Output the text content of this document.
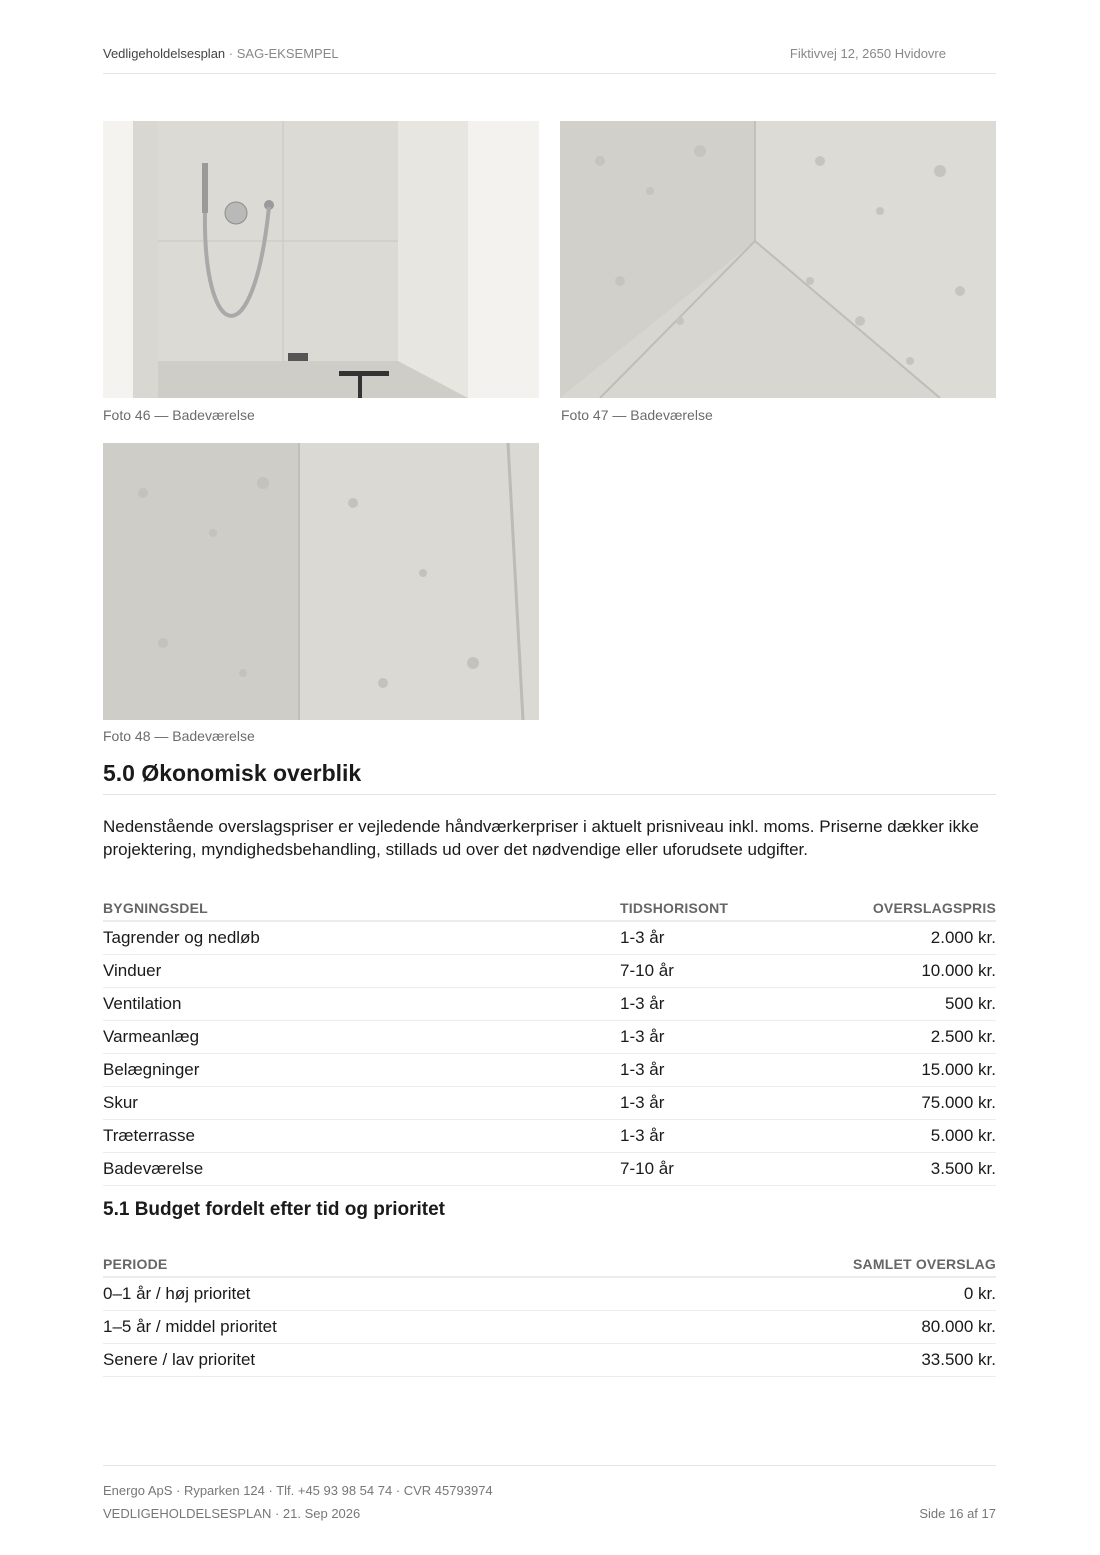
Vedligeholdelsesplan · SAG-EKSEMPEL	Fiktivvej 12, 2650 Hvidovre
Foto 46 — Badeværelse	Foto 47 — Badeværelse
Foto 48 — Badeværelse
5.0 Økonomisk overblik
Nedenstående overslagspriser er vejledende håndværkerpriser i aktuelt prisniveau inkl. moms. Priserne dækker ikke projektering, myndighedsbehandling, stillads ud over det nødvendige eller uforudsete udgifter.
BYGNINGSDEL	TIDSHORISONT	OVERSLAGSPRIS
Tagrender og nedløb	1-3 år	2.000 kr.
Vinduer	7-10 år	10.000 kr.
Ventilation	1-3 år	500 kr.
Varmeanlæg	1-3 år	2.500 kr.
Belægninger	1-3 år	15.000 kr.
Skur	1-3 år	75.000 kr.
Træterrasse	1-3 år	5.000 kr.
Badeværelse	7-10 år	3.500 kr.
5.1 Budget fordelt efter tid og prioritet
PERIODE	SAMLET OVERSLAG
0–1 år / høj prioritet	0 kr.
1–5 år / middel prioritet	80.000 kr.
Senere / lav prioritet	33.500 kr.
Energo ApS · Ryparken 124 · Tlf. +45 93 98 54 74 · CVR 45793974
VEDLIGEHOLDELSESPLAN · 21. Sep 2026	Side 16 af 17
